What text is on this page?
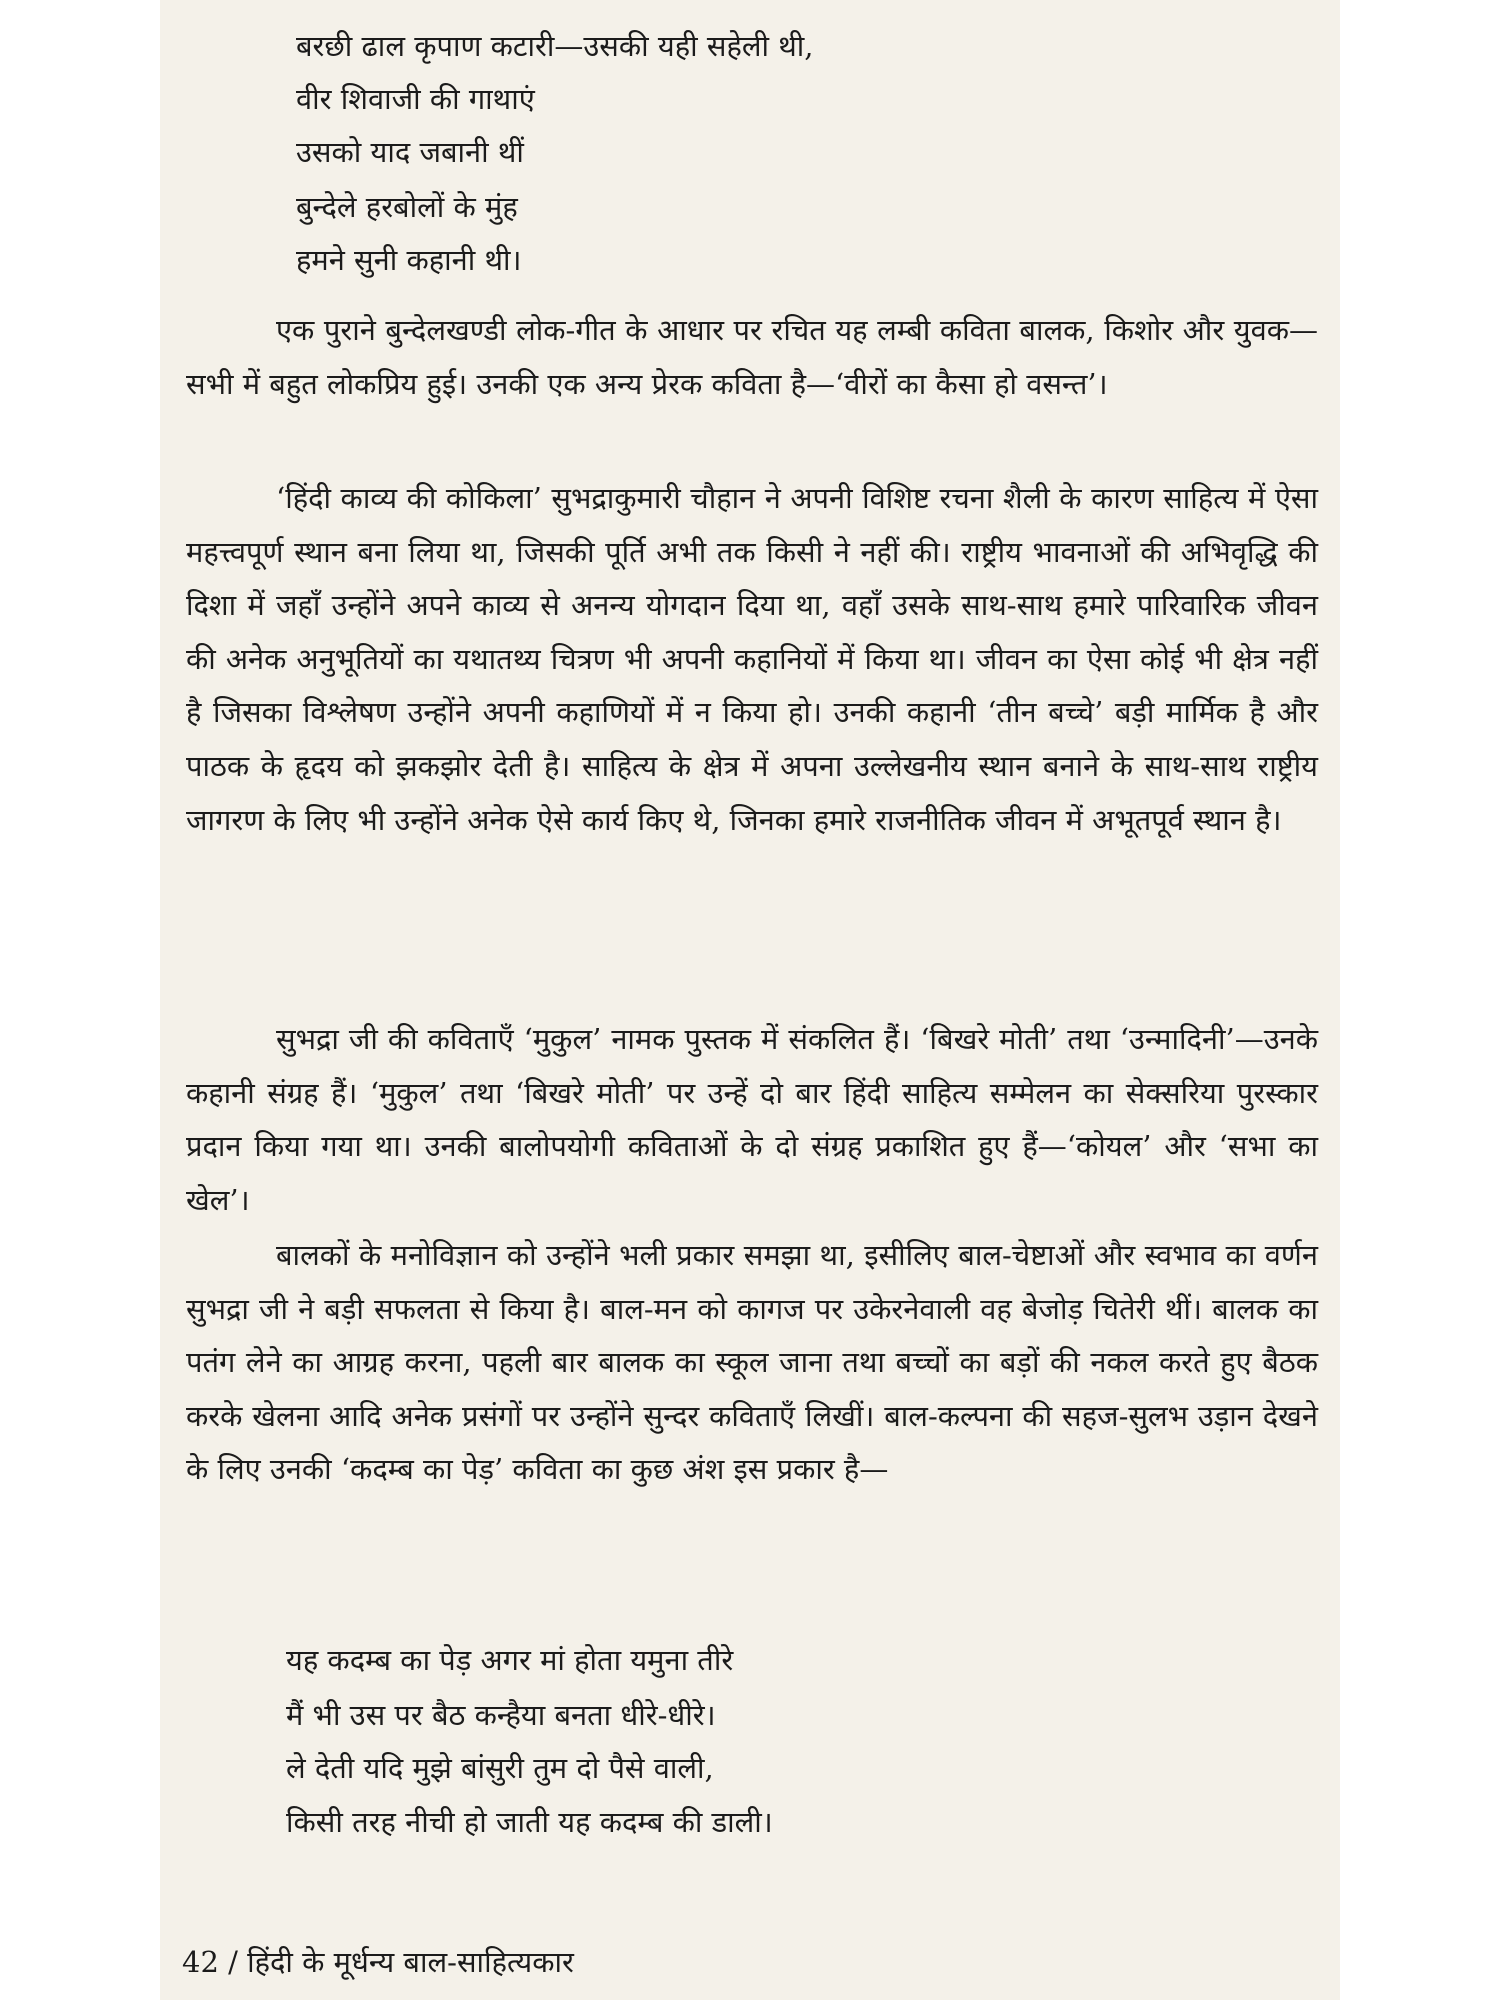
बरछी ढाल कृपाण कटारी—उसकी यही सहेली थी,
वीर शिवाजी की गाथाएं
उसको याद जबानी थीं
बुन्देले हरबोलों के मुंह
हमने सुनी कहानी थी।

एक पुराने बुन्देलखण्डी लोक-गीत के आधार पर रचित यह लम्बी कविता बालक, किशोर और युवक—सभी में बहुत लोकप्रिय हुई। उनकी एक अन्य प्रेरक कविता है—‘वीरों का कैसा हो वसन्त’।

‘हिंदी काव्य की कोकिला’ सुभद्राकुमारी चौहान ने अपनी विशिष्ट रचना शैली के कारण साहित्य में ऐसा महत्त्वपूर्ण स्थान बना लिया था, जिसकी पूर्ति अभी तक किसी ने नहीं की। राष्ट्रीय भावनाओं की अभिवृद्धि की दिशा में जहाँ उन्होंने अपने काव्य से अनन्य योगदान दिया था, वहाँ उसके साथ-साथ हमारे पारिवारिक जीवन की अनेक अनुभूतियों का यथातथ्य चित्रण भी अपनी कहानियों में किया था। जीवन का ऐसा कोई भी क्षेत्र नहीं है जिसका विश्लेषण उन्होंने अपनी कहाणियों में न किया हो। उनकी कहानी ‘तीन बच्चे’ बड़ी मार्मिक है और पाठक के हृदय को झकझोर देती है। साहित्य के क्षेत्र में अपना उल्लेखनीय स्थान बनाने के साथ-साथ राष्ट्रीय जागरण के लिए भी उन्होंने अनेक ऐसे कार्य किए थे, जिनका हमारे राजनीतिक जीवन में अभूतपूर्व स्थान है।

सुभद्रा जी की कविताएँ ‘मुकुल’ नामक पुस्तक में संकलित हैं। ‘बिखरे मोती’ तथा ‘उन्मादिनी’—उनके कहानी संग्रह हैं। ‘मुकुल’ तथा ‘बिखरे मोती’ पर उन्हें दो बार हिंदी साहित्य सम्मेलन का सेक्सरिया पुरस्कार प्रदान किया गया था। उनकी बालोपयोगी कविताओं के दो संग्रह प्रकाशित हुए हैं—‘कोयल’ और ‘सभा का खेल’।

बालकों के मनोविज्ञान को उन्होंने भली प्रकार समझा था, इसीलिए बाल-चेष्टाओं और स्वभाव का वर्णन सुभद्रा जी ने बड़ी सफलता से किया है। बाल-मन को कागज पर उकेरनेवाली वह बेजोड़ चितेरी थीं। बालक का पतंग लेने का आग्रह करना, पहली बार बालक का स्कूल जाना तथा बच्चों का बड़ों की नकल करते हुए बैठक करके खेलना आदि अनेक प्रसंगों पर उन्होंने सुन्दर कविताएँ लिखीं। बाल-कल्पना की सहज-सुलभ उड़ान देखने के लिए उनकी ‘कदम्ब का पेड़’ कविता का कुछ अंश इस प्रकार है—

यह कदम्ब का पेड़ अगर मां होता यमुना तीरे
मैं भी उस पर बैठ कन्हैया बनता धीरे-धीरे।
ले देती यदि मुझे बांसुरी तुम दो पैसे वाली,
किसी तरह नीची हो जाती यह कदम्ब की डाली।
42 / हिंदी के मूर्धन्य बाल-साहित्यकार
